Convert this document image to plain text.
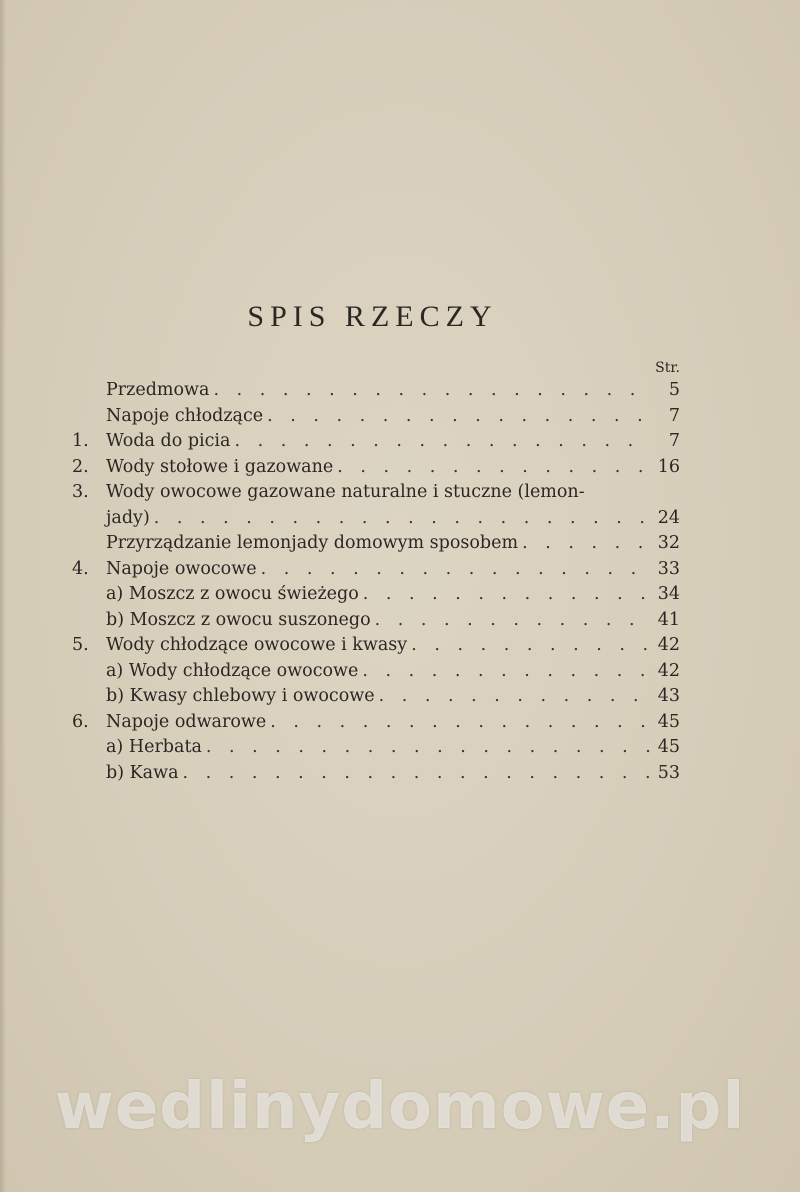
SPIS RZECZY
Str.
Przedmowa . . .	5
Napoje chłodzące . . .	7
1. Woda do picia . . .	7
2. Wody stołowe i gazowane . . .	16
3. Wody owocowe gazowane naturalne i stuczne (lemon-
jady) . . .	24
Przyrządzanie lemonjady domowym sposobem . . .	32
4. Napoje owocowe . . .	33
a) Moszcz z owocu świeżego . . .	34
b) Moszcz z owocu suszonego . . .	41
5. Wody chłodzące owocowe i kwasy . . .	42
a) Wody chłodzące owocowe . . .	42
b) Kwasy chlebowy i owocowe . . .	43
6. Napoje odwarowe . . .	45
a) Herbata . . .	45
b) Kawa . . .	53
wedlinydomowe.pl
